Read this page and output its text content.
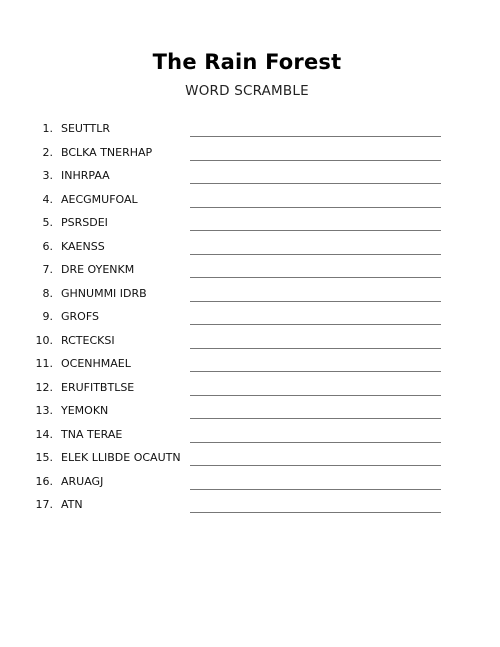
The Rain Forest
WORD SCRAMBLE
1. SEUTTLR
2. BCLKA TNERHAP
3. INHRPAA
4. AECGMUFOAL
5. PSRSDEI
6. KAENSS
7. DRE OYENKM
8. GHNUMMI IDRB
9. GROFS
10. RCTECKSI
11. OCENHMAEL
12. ERUFITBTLSE
13. YEMOKN
14. TNA TERAE
15. ELEK LLIBDE OCAUTN
16. ARUAGJ
17. ATN
